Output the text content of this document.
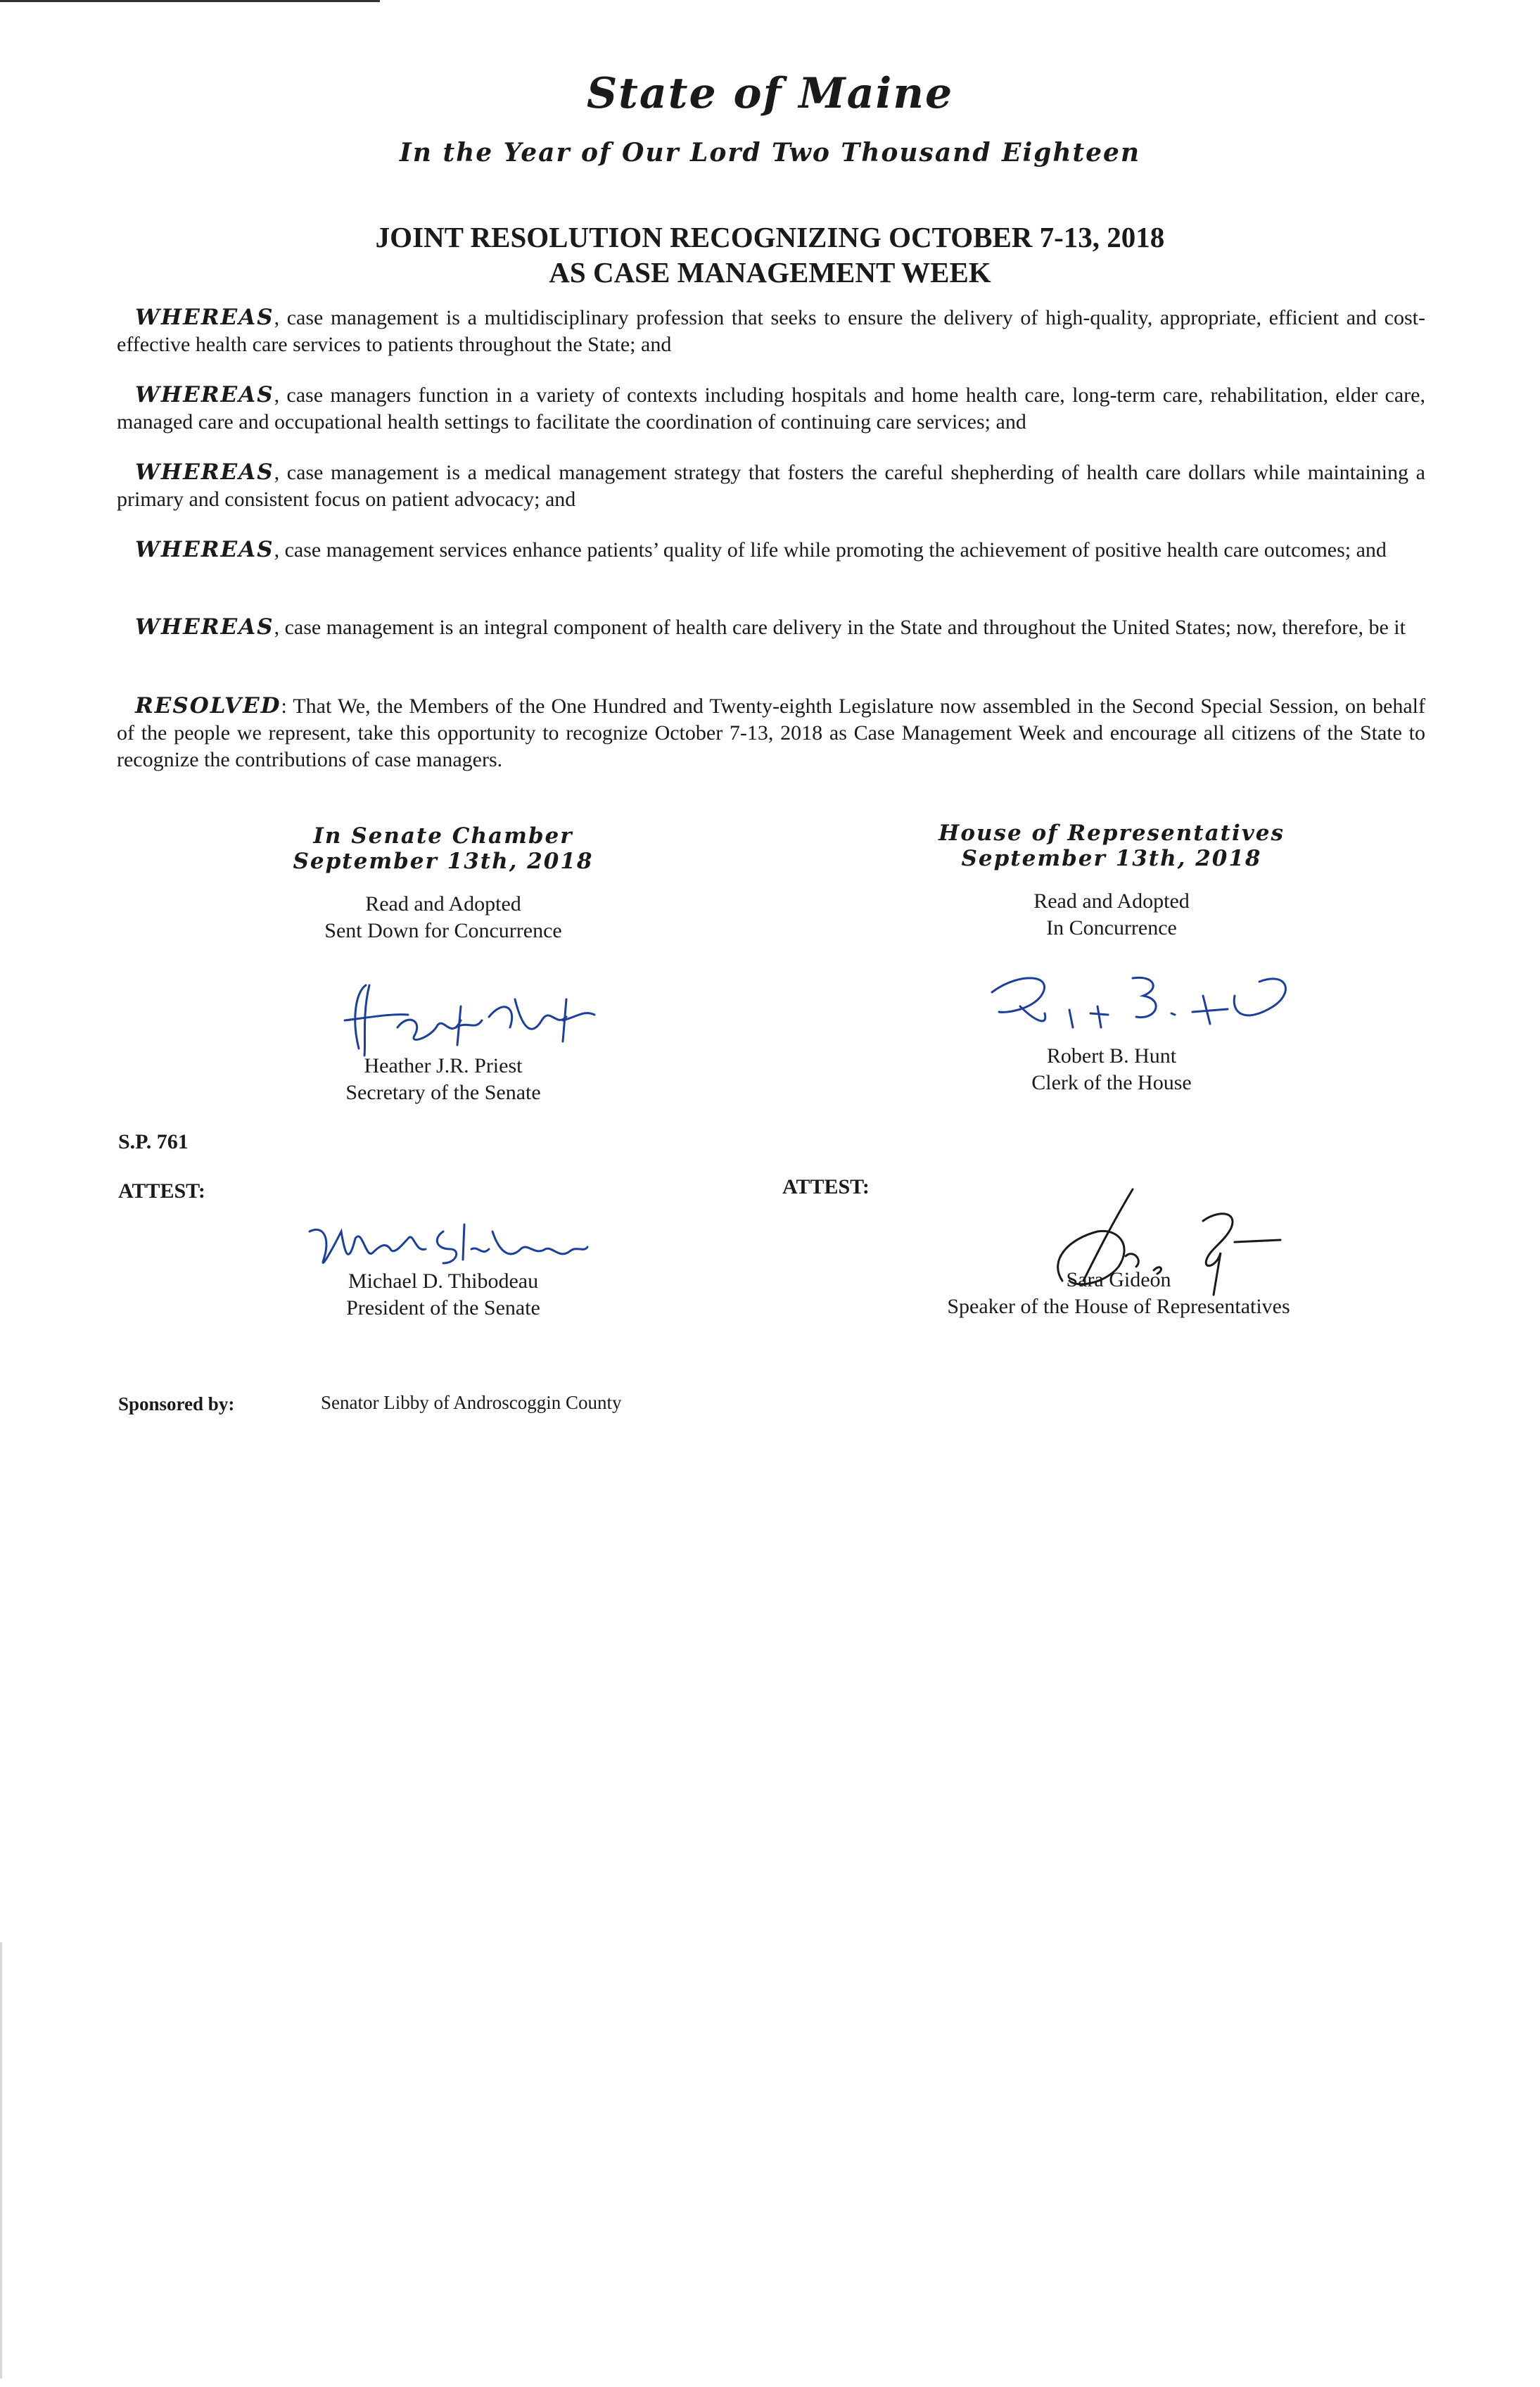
State of Maine
In the Year of Our Lord Two Thousand Eighteen
JOINT RESOLUTION RECOGNIZING OCTOBER 7-13, 2018
AS CASE MANAGEMENT WEEK
WHEREAS, case management is a multidisciplinary profession that seeks to ensure the delivery of high-quality, appropriate, efficient and cost-effective health care services to patients throughout the State; and
WHEREAS, case managers function in a variety of contexts including hospitals and home health care, long-term care, rehabilitation, elder care, managed care and occupational health settings to facilitate the coordination of continuing care services; and
WHEREAS, case management is a medical management strategy that fosters the careful shepherding of health care dollars while maintaining a primary and consistent focus on patient advocacy; and
WHEREAS, case management services enhance patients’ quality of life while promoting the achievement of positive health care outcomes; and
WHEREAS, case management is an integral component of health care delivery in the State and throughout the United States; now, therefore, be it
RESOLVED: That We, the Members of the One Hundred and Twenty-eighth Legislature now assembled in the Second Special Session, on behalf of the people we represent, take this opportunity to recognize October 7-13, 2018 as Case Management Week and encourage all citizens of the State to recognize the contributions of case managers.
In Senate Chamber
September 13th, 2018
Read and Adopted
Sent Down for Concurrence
Heather J.R. Priest
Secretary of the Senate
House of Representatives
September 13th, 2018
Read and Adopted
In Concurrence
Robert B. Hunt
Clerk of the House
S.P. 761
ATTEST:	ATTEST:
Michael D. Thibodeau
President of the Senate
Sara Gideon
Speaker of the House of Representatives
Sponsored by:	Senator Libby of Androscoggin County
